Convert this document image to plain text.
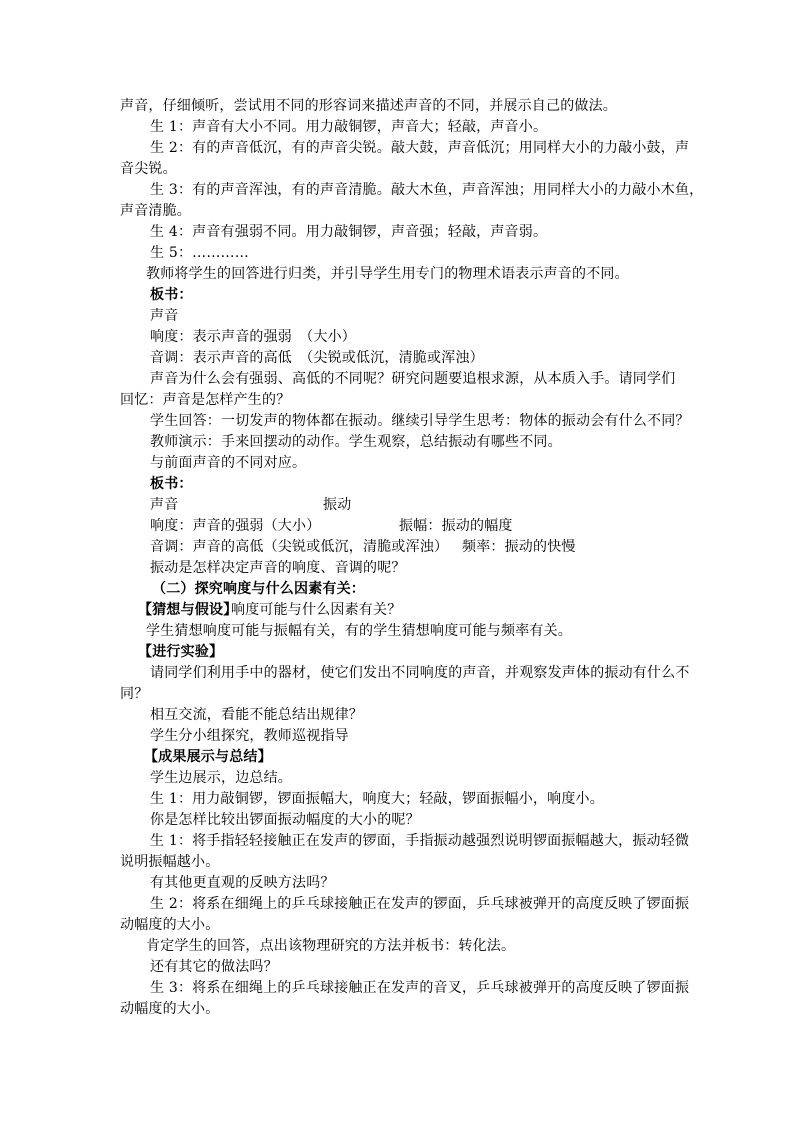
声音，仔细倾听，尝试用不同的形容词来描述声音的不同，并展示自己的做法。
生 1：声音有大小不同。用力敲铜锣，声音大；轻敲，声音小。
生 2：有的声音低沉，有的声音尖锐。敲大鼓，声音低沉；用同样大小的力敲小鼓，声
音尖锐。
生 3：有的声音浑浊，有的声音清脆。敲大木鱼，声音浑浊；用同样大小的力敲小木鱼，
声音清脆。
生 4：声音有强弱不同。用力敲铜锣，声音强；轻敲，声音弱。
生 5：…………
教师将学生的回答进行归类，并引导学生用专门的物理术语表示声音的不同。
板书：
声音
响度：表示声音的强弱　（大小）
音调：表示声音的高低　（尖锐或低沉，清脆或浑浊）
声音为什么会有强弱、高低的不同呢？研究问题要追根求源，从本质入手。请同学们
回忆：声音是怎样产生的？
学生回答：一切发声的物体都在振动。继续引导学生思考：物体的振动会有什么不同？
教师演示：手来回摆动的动作。学生观察，总结振动有哪些不同。
与前面声音的不同对应。
板书：
声音	振动
响度：声音的强弱（大小）	振幅：振动的幅度
音调：声音的高低（尖锐或低沉，清脆或浑浊） 频率：振动的快慢
振动是怎样决定声音的响度、音调的呢？
（二）探究响度与什么因素有关：
【猜想与假设】
响度可能与什么因素有关？
学生猜想响度可能与振幅有关，有的学生猜想响度可能与频率有关。
【进行实验】
请同学们利用手中的器材，使它们发出不同响度的声音，并观察发声体的振动有什么不
同？
相互交流，看能不能总结出规律？
学生分小组探究，教师巡视指导
【成果展示与总结】
学生边展示，边总结。
生 1：用力敲铜锣，锣面振幅大，响度大；轻敲，锣面振幅小，响度小。
你是怎样比较出锣面振动幅度的大小的呢？
生 1：将手指轻轻接触正在发声的锣面，手指振动越强烈说明锣面振幅越大，振动轻微
说明振幅越小。
有其他更直观的反映方法吗？
生 2：将系在细绳上的乒乓球接触正在发声的锣面，乒乓球被弹开的高度反映了锣面振
动幅度的大小。
肯定学生的回答，点出该物理研究的方法并板书：转化法。
还有其它的做法吗？
生 3：将系在细绳上的乒乓球接触正在发声的音叉，乒乓球被弹开的高度反映了锣面振
动幅度的大小。
